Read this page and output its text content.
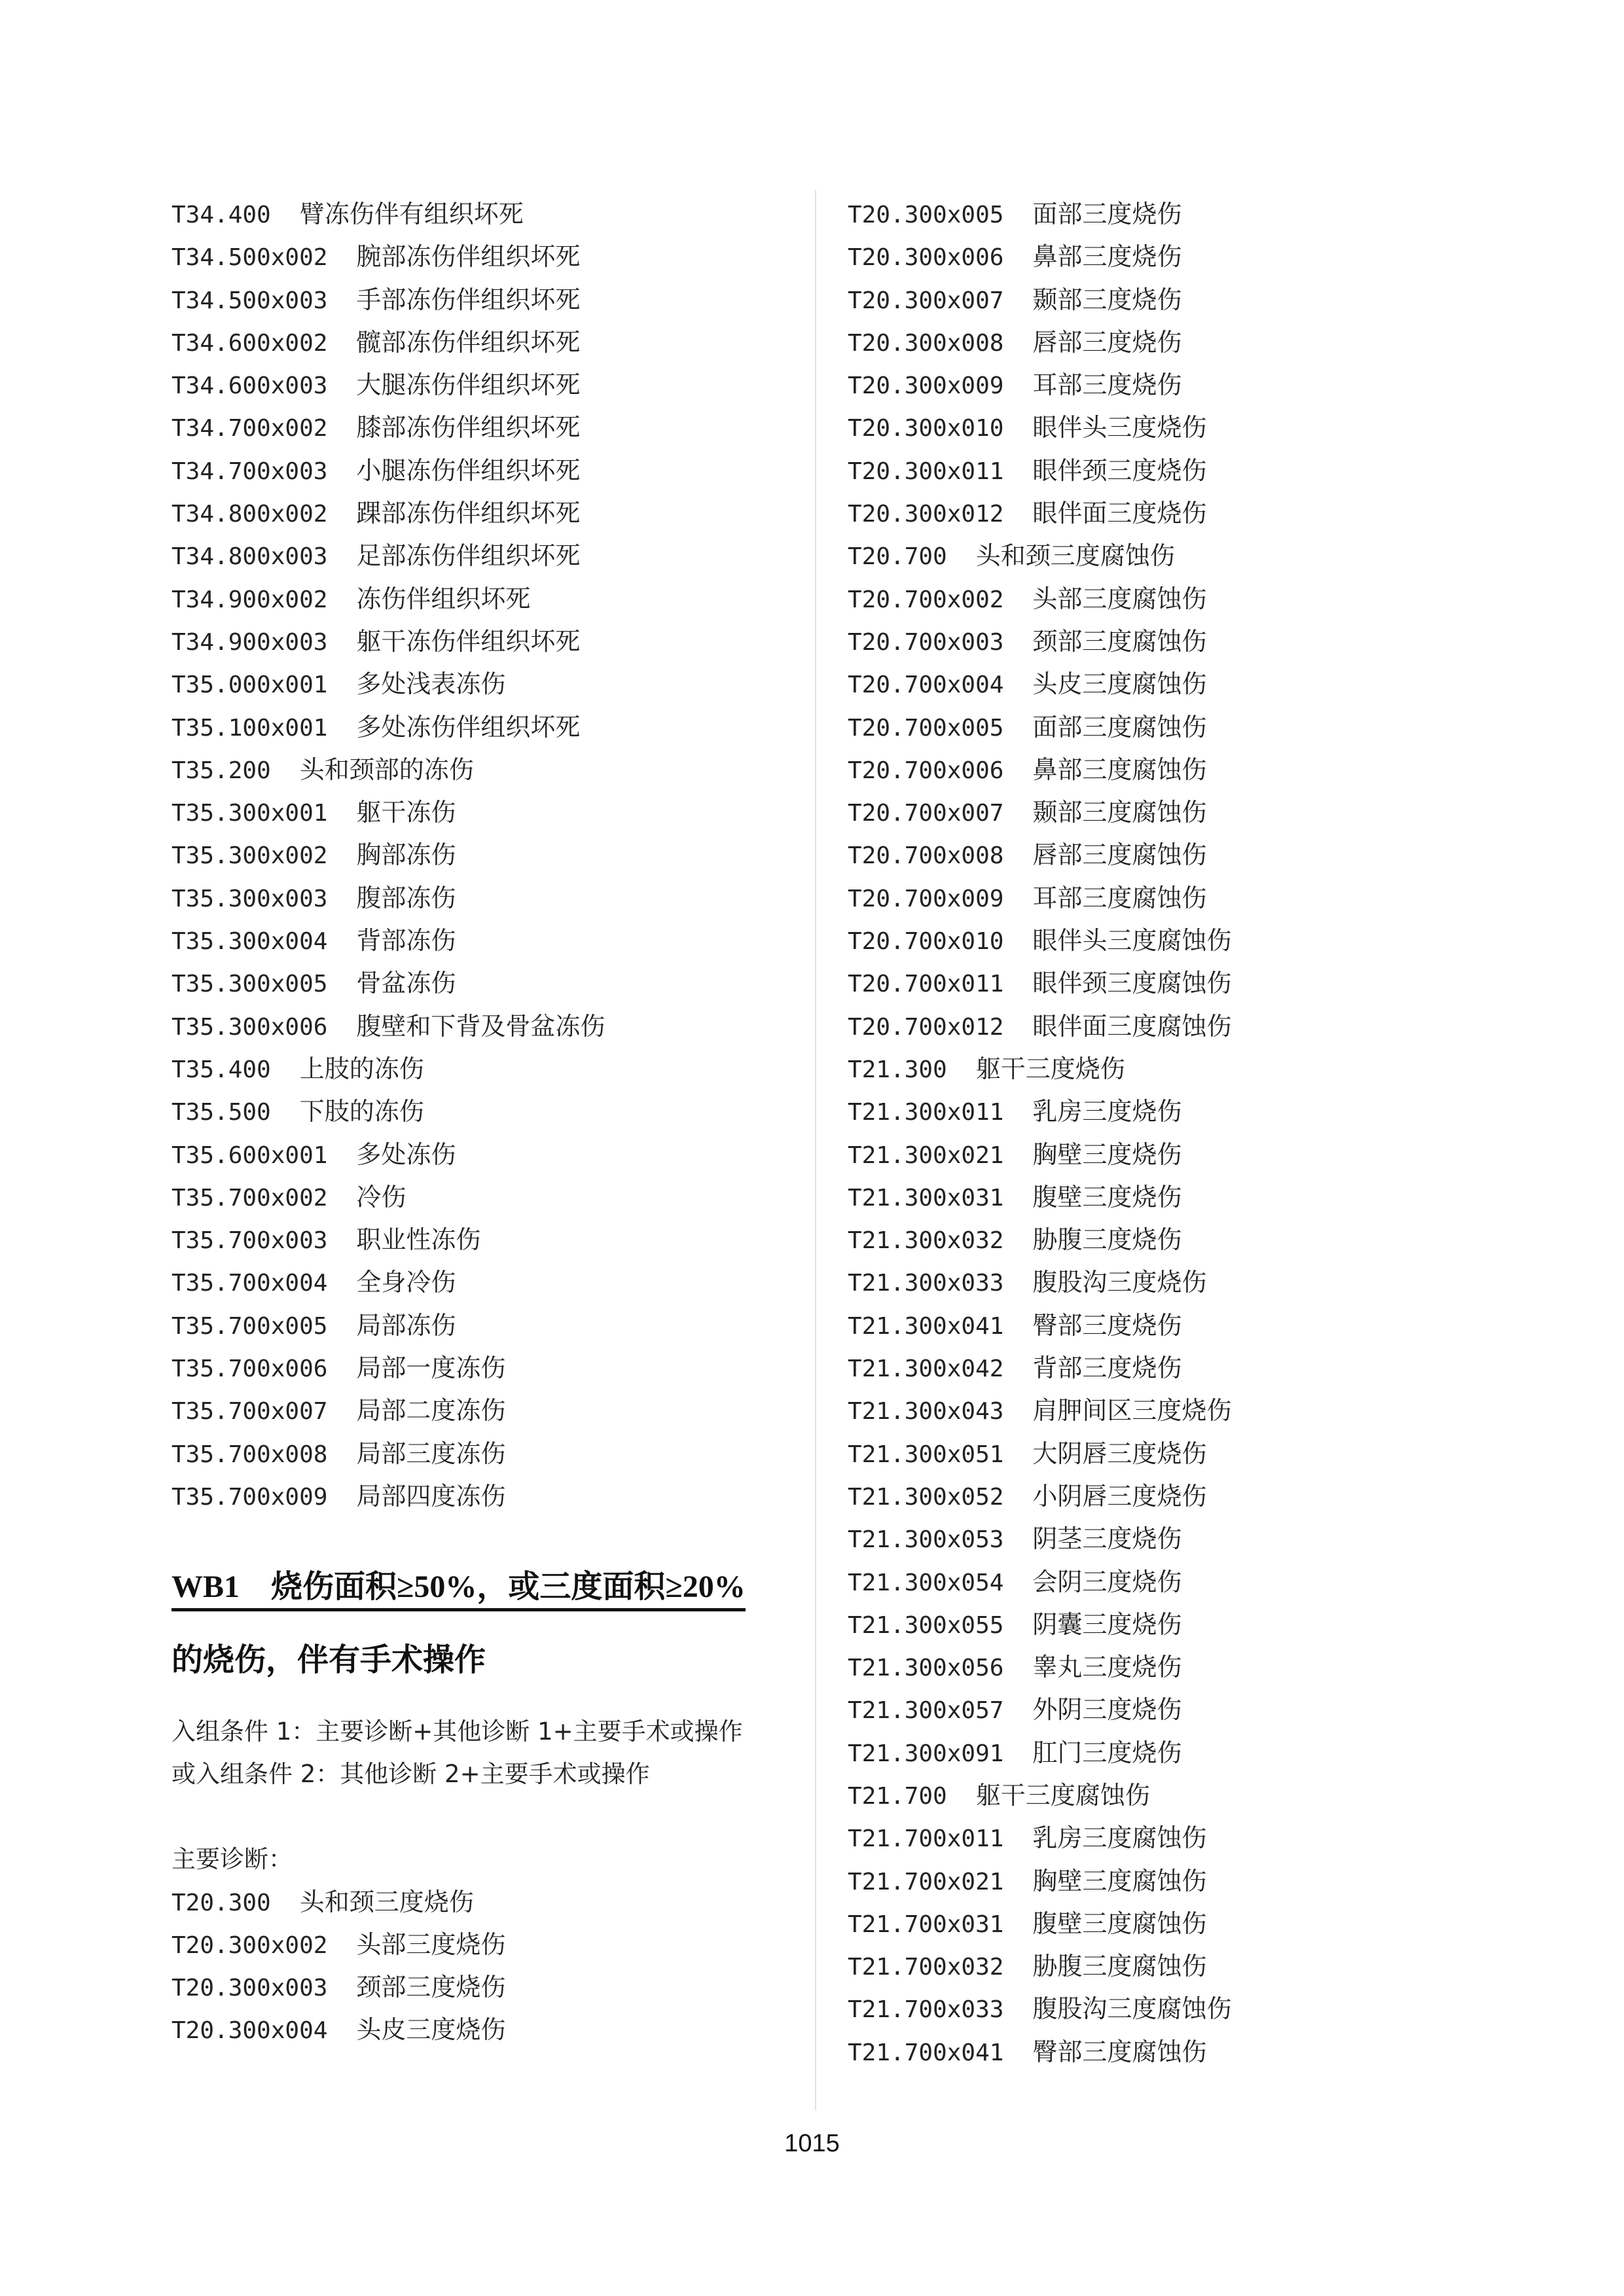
T34.400 臂冻伤伴有组织坏死
T34.500x002 腕部冻伤伴组织坏死
T34.500x003 手部冻伤伴组织坏死
T34.600x002 髋部冻伤伴组织坏死
T34.600x003 大腿冻伤伴组织坏死
T34.700x002 膝部冻伤伴组织坏死
T34.700x003 小腿冻伤伴组织坏死
T34.800x002 踝部冻伤伴组织坏死
T34.800x003 足部冻伤伴组织坏死
T34.900x002 冻伤伴组织坏死
T34.900x003 躯干冻伤伴组织坏死
T35.000x001 多处浅表冻伤
T35.100x001 多处冻伤伴组织坏死
T35.200 头和颈部的冻伤
T35.300x001 躯干冻伤
T35.300x002 胸部冻伤
T35.300x003 腹部冻伤
T35.300x004 背部冻伤
T35.300x005 骨盆冻伤
T35.300x006 腹壁和下背及骨盆冻伤
T35.400 上肢的冻伤
T35.500 下肢的冻伤
T35.600x001 多处冻伤
T35.700x002 冷伤
T35.700x003 职业性冻伤
T35.700x004 全身冷伤
T35.700x005 局部冻伤
T35.700x006 局部一度冻伤
T35.700x007 局部二度冻伤
T35.700x008 局部三度冻伤
T35.700x009 局部四度冻伤
WB1　烧伤面积≥50%，或三度面积≥20%
的烧伤，伴有手术操作
入组条件 1：主要诊断+其他诊断 1+主要手术或操作
或入组条件 2：其他诊断 2+主要手术或操作
主要诊断：
T20.300 头和颈三度烧伤
T20.300x002 头部三度烧伤
T20.300x003 颈部三度烧伤
T20.300x004 头皮三度烧伤
T20.300x005 面部三度烧伤
T20.300x006 鼻部三度烧伤
T20.300x007 颞部三度烧伤
T20.300x008 唇部三度烧伤
T20.300x009 耳部三度烧伤
T20.300x010 眼伴头三度烧伤
T20.300x011 眼伴颈三度烧伤
T20.300x012 眼伴面三度烧伤
T20.700 头和颈三度腐蚀伤
T20.700x002 头部三度腐蚀伤
T20.700x003 颈部三度腐蚀伤
T20.700x004 头皮三度腐蚀伤
T20.700x005 面部三度腐蚀伤
T20.700x006 鼻部三度腐蚀伤
T20.700x007 颞部三度腐蚀伤
T20.700x008 唇部三度腐蚀伤
T20.700x009 耳部三度腐蚀伤
T20.700x010 眼伴头三度腐蚀伤
T20.700x011 眼伴颈三度腐蚀伤
T20.700x012 眼伴面三度腐蚀伤
T21.300 躯干三度烧伤
T21.300x011 乳房三度烧伤
T21.300x021 胸壁三度烧伤
T21.300x031 腹壁三度烧伤
T21.300x032 胁腹三度烧伤
T21.300x033 腹股沟三度烧伤
T21.300x041 臀部三度烧伤
T21.300x042 背部三度烧伤
T21.300x043 肩胛间区三度烧伤
T21.300x051 大阴唇三度烧伤
T21.300x052 小阴唇三度烧伤
T21.300x053 阴茎三度烧伤
T21.300x054 会阴三度烧伤
T21.300x055 阴囊三度烧伤
T21.300x056 睾丸三度烧伤
T21.300x057 外阴三度烧伤
T21.300x091 肛门三度烧伤
T21.700 躯干三度腐蚀伤
T21.700x011 乳房三度腐蚀伤
T21.700x021 胸壁三度腐蚀伤
T21.700x031 腹壁三度腐蚀伤
T21.700x032 胁腹三度腐蚀伤
T21.700x033 腹股沟三度腐蚀伤
T21.700x041 臀部三度腐蚀伤
1015
